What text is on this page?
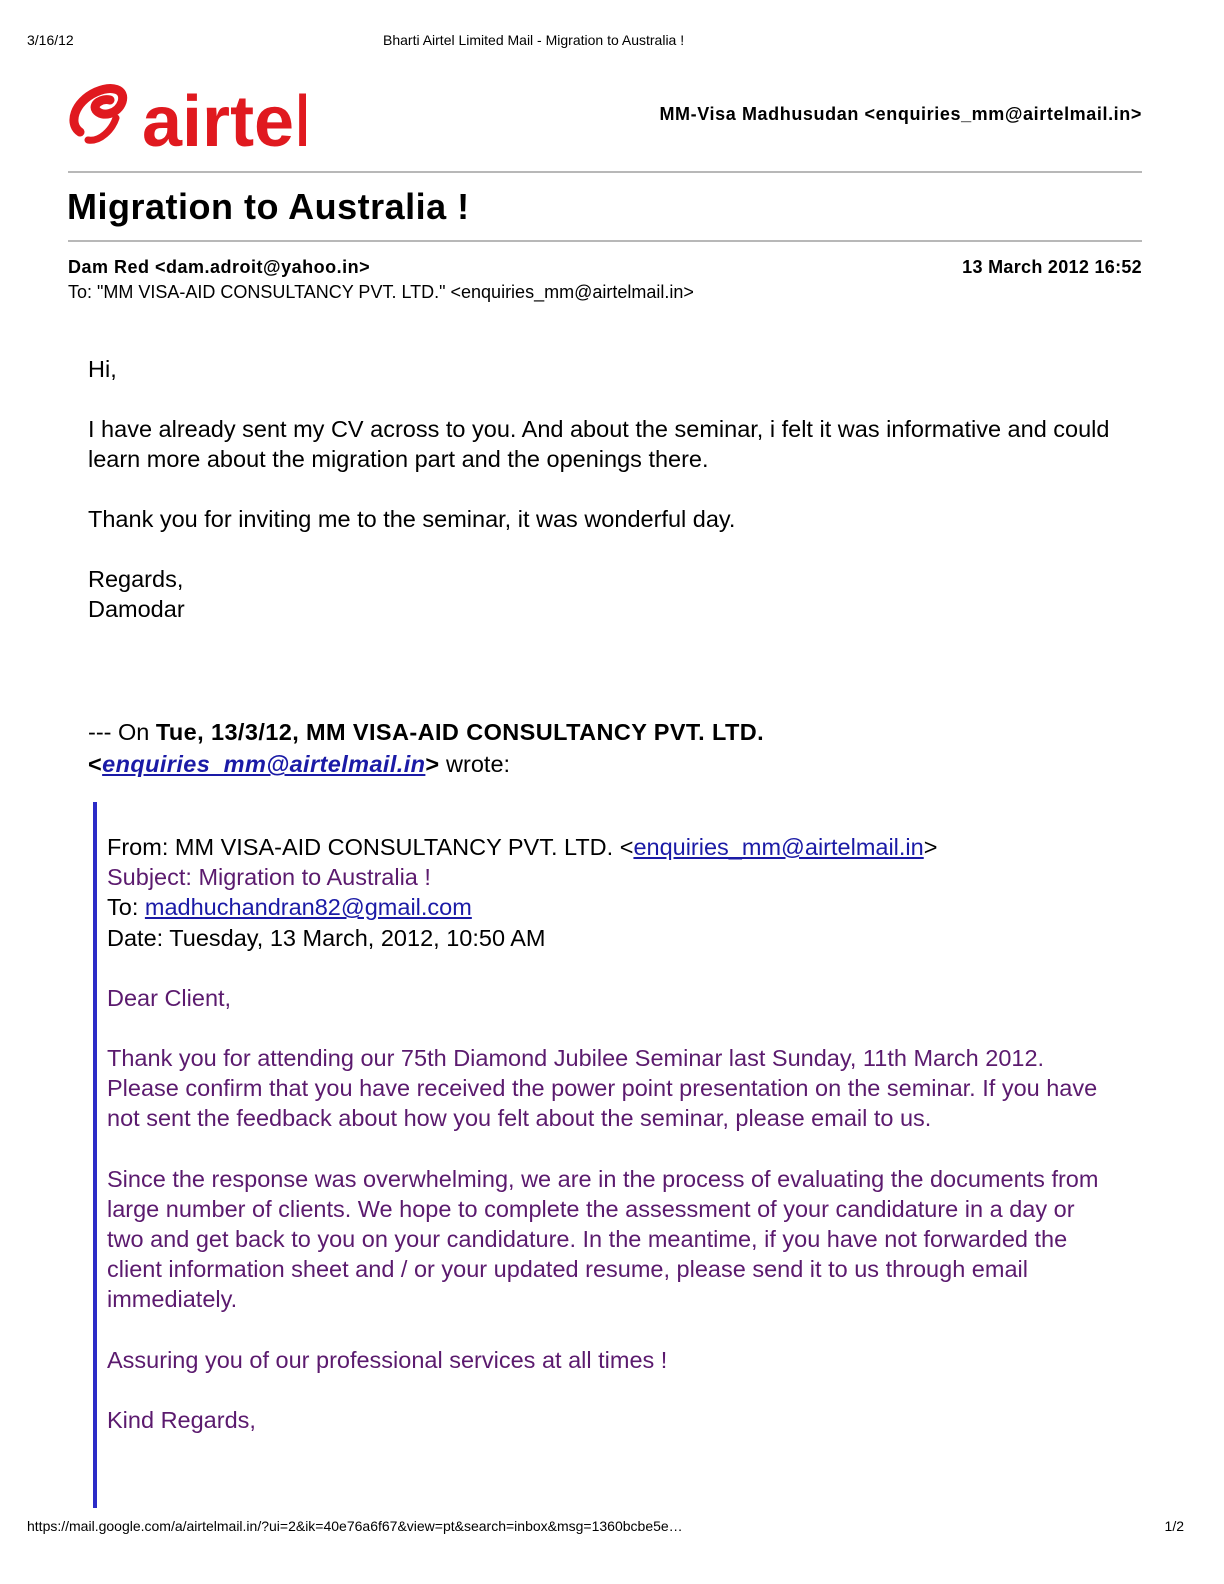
3/16/12	Bharti Airtel Limited Mail - Migration to Australia !
airtel	MM-Visa Madhusudan <enquiries_mm@airtelmail.in>
Migration to Australia !
Dam Red <dam.adroit@yahoo.in>	13 March 2012 16:52
To: "MM VISA-AID CONSULTANCY PVT. LTD." <enquiries_mm@airtelmail.in>

Hi,

I have already sent my CV across to you. And about the seminar, i felt it was informative and could learn more about the migration part and the openings there.

Thank you for inviting me to the seminar, it was wonderful day.

Regards,
Damodar
--- On Tue, 13/3/12, MM VISA-AID CONSULTANCY PVT. LTD.
<enquiries_mm@airtelmail.in> wrote:
From: MM VISA-AID CONSULTANCY PVT. LTD. <enquiries_mm@airtelmail.in>
Subject: Migration to Australia !
To: madhuchandran82@gmail.com

Date: Tuesday, 13 March, 2012, 10:50 AM

Dear Client,

Thank you for attending our 75th Diamond Jubilee Seminar last Sunday, 11th March 2012.

Please confirm that you have received the power point presentation on the seminar. If you have not sent the feedback about how you felt about the seminar, please email to us.

Since the response was overwhelming, we are in the process of evaluating the documents from large number of clients. We hope to complete the assessment of your candidature in a day or two and get back to you on your candidature. In the meantime, if you have not forwarded the client information sheet and / or your updated resume, please send it to us through email immediately.

Assuring you of our professional services at all times !

Kind Regards,
https://mail.google.com/a/airtelmail.in/?ui=2&ik=40e76a6f67&view=pt&search=inbox&msg=1360bcbe5e…	1/2
